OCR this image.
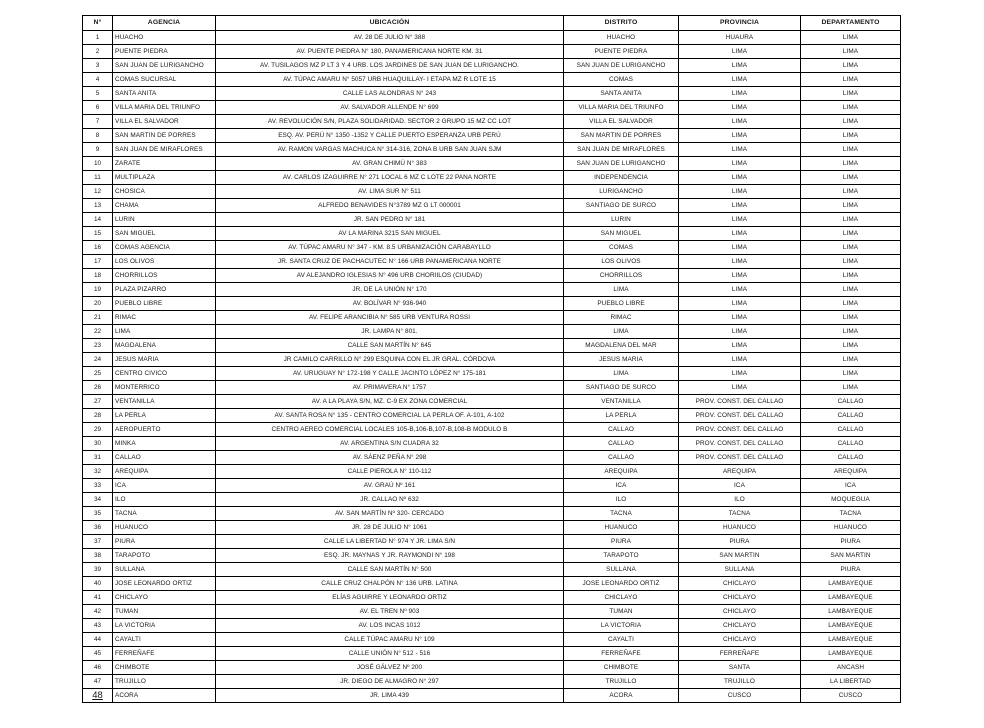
N°	AGENCIA	UBICACIÓN	DISTRITO	PROVINCIA	DEPARTAMENTO
1	HUACHO	AV. 28 DE JULIO N° 388	HUACHO	HUAURA	LIMA
2	PUENTE PIEDRA	AV. PUENTE PIEDRA N° 180, PANAMERICANA NORTE KM. 31	PUENTE PIEDRA	LIMA	LIMA
3	SAN JUAN DE LURIGANCHO	AV. TUSILAGOS MZ P LT 3 Y 4 URB. LOS JARDINES DE SAN JUAN DE LURIGANCHO.	SAN JUAN DE LURIGANCHO	LIMA	LIMA
4	COMAS SUCURSAL	AV. TÚPAC AMARU N° 5057 URB HUAQUILLAY- I ETAPA MZ R LOTE 15	COMAS	LIMA	LIMA
5	SANTA ANITA	CALLE LAS ALONDRAS N° 243	SANTA ANITA	LIMA	LIMA
6	VILLA MARIA DEL TRIUNFO	AV. SALVADOR ALLENDE N° 699	VILLA MARIA DEL TRIUNFO	LIMA	LIMA
7	VILLA EL SALVADOR	AV. REVOLUCIÓN S/N, PLAZA SOLIDARIDAD. SECTOR 2 GRUPO 15 MZ CC LOT	VILLA EL SALVADOR	LIMA	LIMA
8	SAN MARTIN DE PORRES	ESQ. AV. PERÚ N° 1350 -1352 Y CALLE PUERTO ESPERANZA URB PERÚ	SAN MARTIN DE PORRES	LIMA	LIMA
9	SAN JUAN DE MIRAFLORES	AV. RAMON VARGAS MACHUCA N° 314-316, ZONA B URB SAN JUAN SJM	SAN JUAN DE MIRAFLORES	LIMA	LIMA
10	ZARATE	AV. GRAN CHIMÚ N° 383	SAN JUAN DE LURIGANCHO	LIMA	LIMA
11	MULTIPLAZA	AV. CARLOS IZAGUIRRE N° 271 LOCAL 6 MZ C LOTE 22 PANA NORTE	INDEPENDENCIA	LIMA	LIMA
12	CHOSICA	AV. LIMA SUR N° 511	LURIGANCHO	LIMA	LIMA
13	CHAMA	ALFREDO BENAVIDES N°3789 MZ G LT 000001	SANTIAGO DE SURCO	LIMA	LIMA
14	LURIN	JR. SAN PEDRO N° 181	LURIN	LIMA	LIMA
15	SAN MIGUEL	AV LA MARINA 3215 SAN MIGUEL	SAN MIGUEL	LIMA	LIMA
16	COMAS AGENCIA	AV. TÚPAC AMARU N° 347 - KM. 8.5 URBANIZACIÓN CARABAYLLO	COMAS	LIMA	LIMA
17	LOS OLIVOS	JR. SANTA CRUZ DE PACHACUTEC N° 166 URB PANAMERICANA NORTE	LOS OLIVOS	LIMA	LIMA
18	CHORRILLOS	AV ALEJANDRO IGLESIAS N° 496 URB CHORIILOS (CIUDAD)	CHORRILLOS	LIMA	LIMA
19	PLAZA PIZARRO	JR. DE LA UNIÓN N° 170	LIMA	LIMA	LIMA
20	PUEBLO LIBRE	AV. BOLÍVAR N° 936-940	PUEBLO LIBRE	LIMA	LIMA
21	RIMAC	AV. FELIPE ARANCIBIA N° 585 URB VENTURA ROSSI	RIMAC	LIMA	LIMA
22	LIMA	JR. LAMPA N° 801.	LIMA	LIMA	LIMA
23	MAGDALENA	CALLE SAN MARTÍN N° 645	MAGDALENA DEL MAR	LIMA	LIMA
24	JESUS MARIA	JR CAMILO CARRILLO N° 299 ESQUINA CON EL JR GRAL. CÓRDOVA	JESUS MARIA	LIMA	LIMA
25	CENTRO CIVICO	AV. URUGUAY N° 172-198 Y CALLE JACINTO LÓPEZ N° 175-181	LIMA	LIMA	LIMA
26	MONTERRICO	AV. PRIMAVERA N° 1757	SANTIAGO DE SURCO	LIMA	LIMA
27	VENTANILLA	AV. A LA PLAYA S/N, MZ. C-9 EX ZONA COMERCIAL	VENTANILLA	PROV. CONST. DEL CALLAO	CALLAO
28	LA PERLA	AV. SANTA ROSA N° 135 - CENTRO COMERCIAL LA PERLA OF. A-101, A-102	LA PERLA	PROV. CONST. DEL CALLAO	CALLAO
29	AEROPUERTO	CENTRO AEREO COMERCIAL LOCALES 105-B,106-B,107-B,108-B MODULO B	CALLAO	PROV. CONST. DEL CALLAO	CALLAO
30	MINKA	AV. ARGENTINA S/N CUADRA 32	CALLAO	PROV. CONST. DEL CALLAO	CALLAO
31	CALLAO	AV. SÁENZ PEÑA N° 298	CALLAO	PROV. CONST. DEL CALLAO	CALLAO
32	AREQUIPA	CALLE PIEROLA N° 110-112	AREQUIPA	AREQUIPA	AREQUIPA
33	ICA	AV. GRAÚ Nº 161	ICA	ICA	ICA
34	ILO	JR. CALLAO Nº 632	ILO	ILO	MOQUEGUA
35	TACNA	AV. SAN MARTÍN Nº 320- CERCADO	TACNA	TACNA	TACNA
36	HUANUCO	JR. 28 DE JULIO N° 1061	HUANUCO	HUANUCO	HUANUCO
37	PIURA	CALLE LA LIBERTAD N° 974 Y JR. LIMA S/N	PIURA	PIURA	PIURA
38	TARAPOTO	ESQ. JR. MAYNAS Y JR. RAYMONDI N° 198	TARAPOTO	SAN MARTIN	SAN MARTIN
39	SULLANA	CALLE SAN MARTÍN N° 500	SULLANA	SULLANA	PIURA
40	JOSE LEONARDO ORTIZ	CALLE CRUZ CHALPÓN N° 136 URB. LATINA	JOSE LEONARDO ORTIZ	CHICLAYO	LAMBAYEQUE
41	CHICLAYO	ELÍAS AGUIRRE Y LEONARDO ORTIZ	CHICLAYO	CHICLAYO	LAMBAYEQUE
42	TUMAN	AV. EL TREN Nº 903	TUMAN	CHICLAYO	LAMBAYEQUE
43	LA VICTORIA	AV. LOS INCAS 1012	LA VICTORIA	CHICLAYO	LAMBAYEQUE
44	CAYALTI	CALLE TÚPAC AMARU N° 109	CAYALTI	CHICLAYO	LAMBAYEQUE
45	FERREÑAFE	CALLE UNIÓN N° 512 - 516	FERREÑAFE	FERREÑAFE	LAMBAYEQUE
46	CHIMBOTE	JOSÉ GÁLVEZ Nº 200	CHIMBOTE	SANTA	ANCASH
47	TRUJILLO	JR. DIEGO DE ALMAGRO N° 297	TRUJILLO	TRUJILLO	LA LIBERTAD
48	ACORA	JR. LIMA 439	ACORA	CUSCO	CUSCO
